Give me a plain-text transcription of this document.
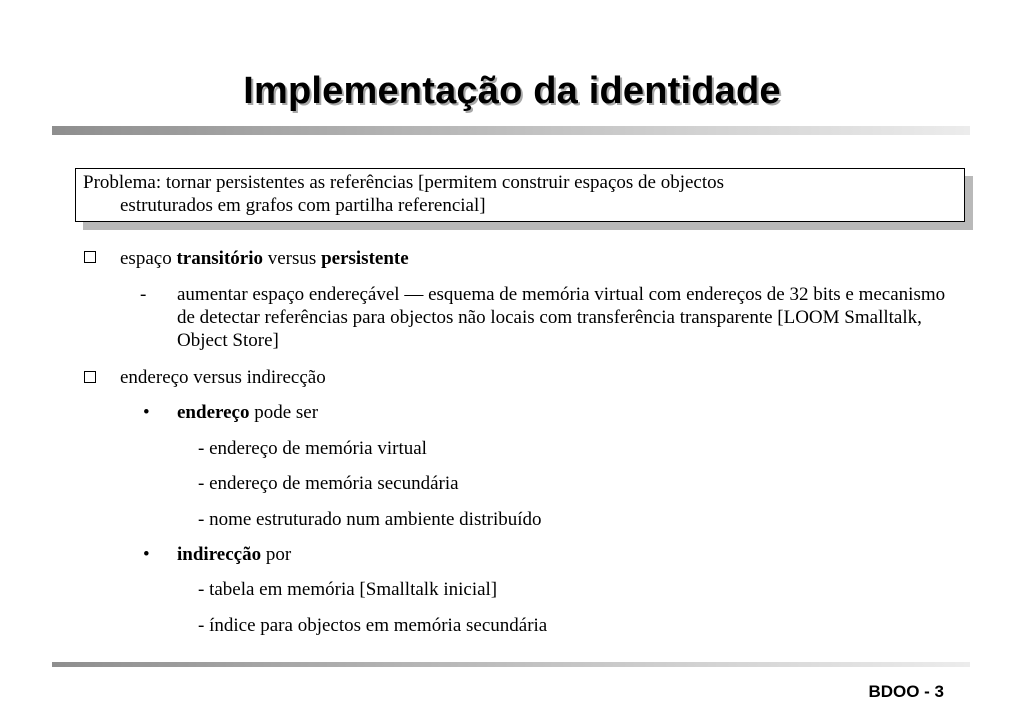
Implementação da identidade
Problema: tornar persistentes as referências [permitem construir espaços de objectos
estruturados em grafos com partilha referencial]
espaço transitório versus persistente
- aumentar espaço endereçável — esquema de memória virtual com endereços de 32 bits e mecanismo de detectar referências para objectos não locais com transferência transparente [LOOM Smalltalk, Object Store]
endereço versus indirecção
• endereço pode ser
- endereço de memória virtual
- endereço de memória secundária
- nome estruturado num ambiente distribuído
• indirecção por
- tabela em memória [Smalltalk inicial]
- índice para objectos em memória secundária
BDOO - 3
